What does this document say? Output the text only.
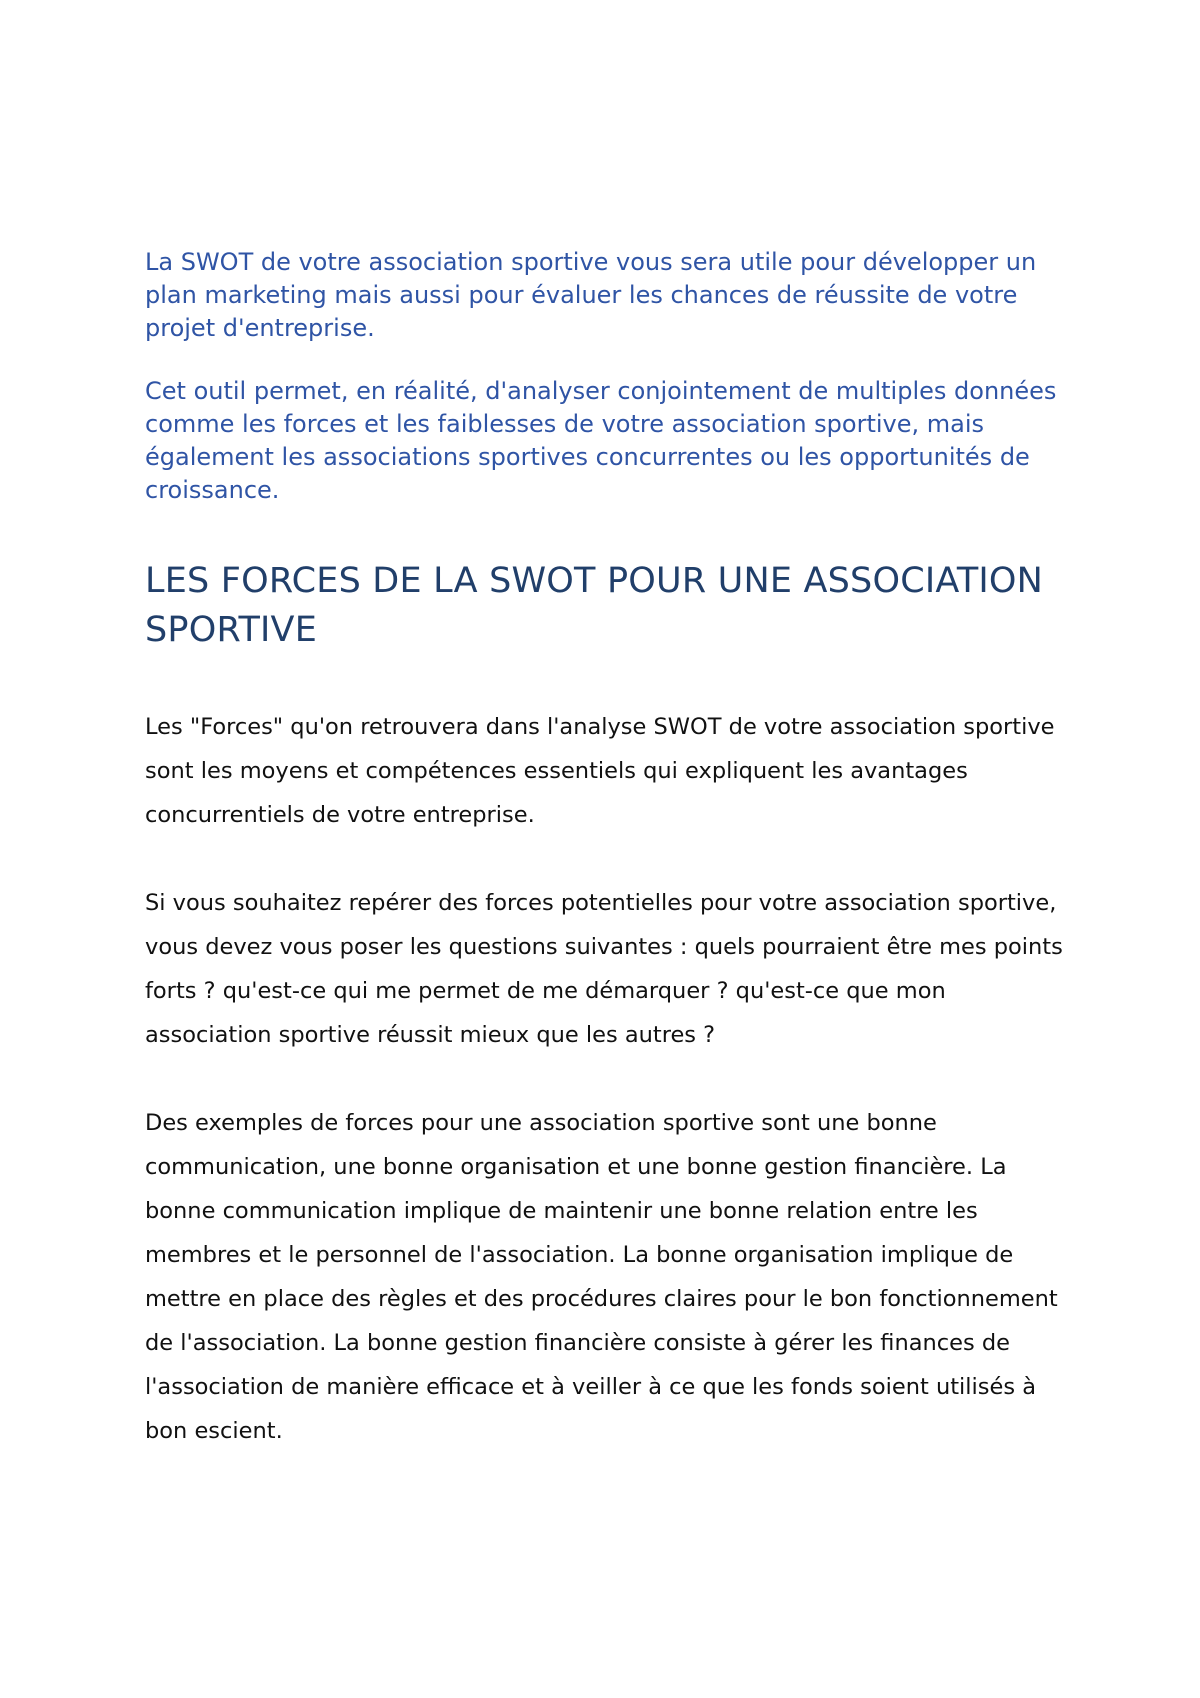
La SWOT de votre association sportive vous sera utile pour développer un plan marketing mais aussi pour évaluer les chances de réussite de votre projet d'entreprise.

Cet outil permet, en réalité, d'analyser conjointement de multiples données comme les forces et les faiblesses de votre association sportive, mais également les associations sportives concurrentes ou les opportunités de croissance.

LES FORCES DE LA SWOT POUR UNE ASSOCIATION SPORTIVE

Les "Forces" qu'on retrouvera dans l'analyse SWOT de votre association sportive sont les moyens et compétences essentiels qui expliquent les avantages concurrentiels de votre entreprise.

Si vous souhaitez repérer des forces potentielles pour votre association sportive, vous devez vous poser les questions suivantes : quels pourraient être mes points forts ? qu'est-ce qui me permet de me démarquer ? qu'est-ce que mon association sportive réussit mieux que les autres ?

Des exemples de forces pour une association sportive sont une bonne communication, une bonne organisation et une bonne gestion financière. La bonne communication implique de maintenir une bonne relation entre les membres et le personnel de l'association. La bonne organisation implique de mettre en place des règles et des procédures claires pour le bon fonctionnement de l'association. La bonne gestion financière consiste à gérer les finances de l'association de manière efficace et à veiller à ce que les fonds soient utilisés à bon escient.
